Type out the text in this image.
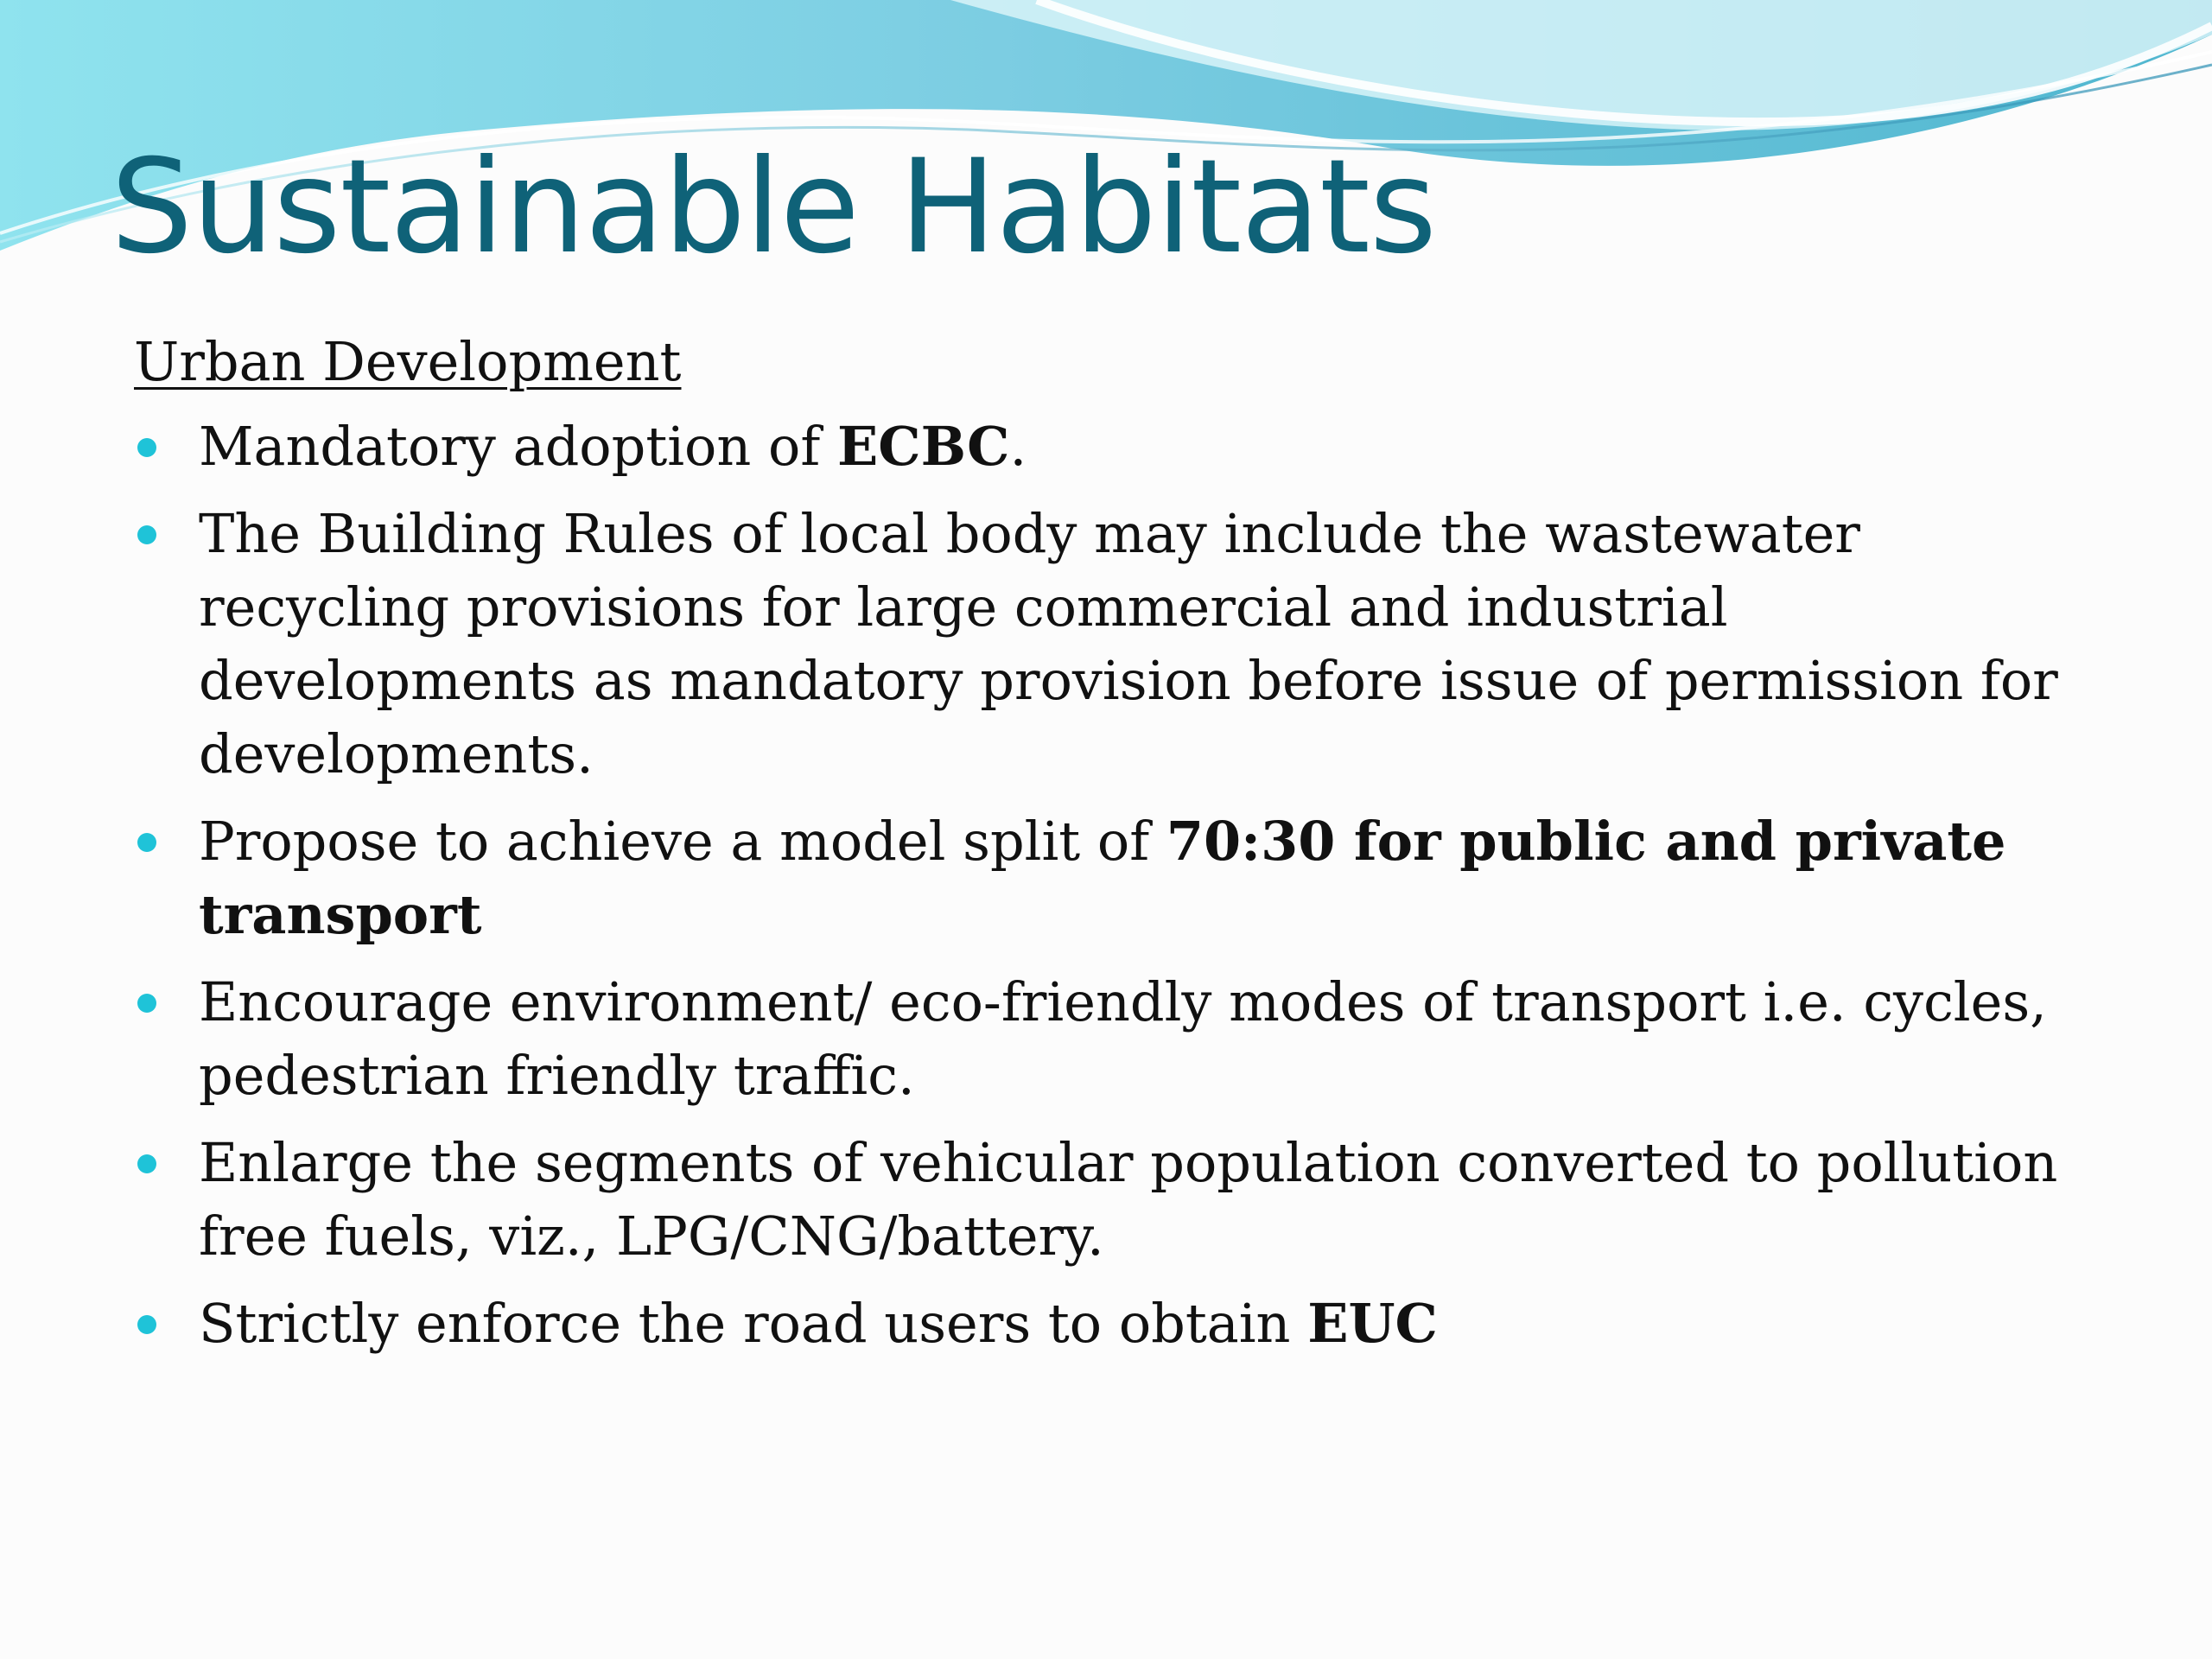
Sustainable Habitats

Urban Development

Mandatory adoption of ECBC.
The Building Rules of local body may include the wastewater recycling provisions for large commercial and industrial developments as mandatory provision before issue of permission for developments.
Propose to achieve a model split of 70:30 for public and private transport
Encourage environment/ eco-friendly modes of transport i.e. cycles, pedestrian friendly traffic.
Enlarge the segments of vehicular population converted to pollution free fuels, viz., LPG/CNG/battery.
Strictly enforce the road users to obtain EUC
